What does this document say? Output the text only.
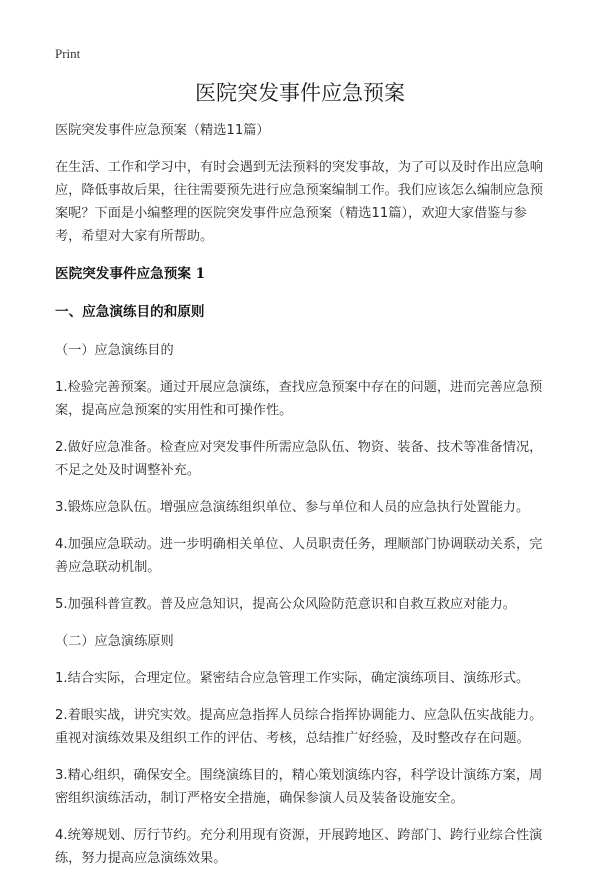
Print
医院突发事件应急预案

医院突发事件应急预案（精选11篇）

在生活、工作和学习中，有时会遇到无法预料的突发事故，为了可以及时作出应急响应，降低事故后果，往往需要预先进行应急预案编制工作。我们应该怎么编制应急预案呢？下面是小编整理的医院突发事件应急预案（精选11篇），欢迎大家借鉴与参考，希望对大家有所帮助。

医院突发事件应急预案 1

一、应急演练目的和原则

（一）应急演练目的

1.检验完善预案。通过开展应急演练，查找应急预案中存在的问题，进而完善应急预案，提高应急预案的实用性和可操作性。

2.做好应急准备。检查应对突发事件所需应急队伍、物资、装备、技术等准备情况，不足之处及时调整补充。

3.锻炼应急队伍。增强应急演练组织单位、参与单位和人员的应急执行处置能力。

4.加强应急联动。进一步明确相关单位、人员职责任务，理顺部门协调联动关系，完善应急联动机制。

5.加强科普宣教。普及应急知识，提高公众风险防范意识和自救互救应对能力。

（二）应急演练原则

1.结合实际，合理定位。紧密结合应急管理工作实际，确定演练项目、演练形式。

2.着眼实战，讲究实效。提高应急指挥人员综合指挥协调能力、应急队伍实战能力。重视对演练效果及组织工作的评估、考核，总结推广好经验，及时整改存在问题。

3.精心组织，确保安全。围绕演练目的，精心策划演练内容，科学设计演练方案，周密组织演练活动，制订严格安全措施，确保参演人员及装备设施安全。

4.统筹规划、厉行节约。充分利用现有资源，开展跨地区、跨部门、跨行业综合性演练，努力提高应急演练效果。
